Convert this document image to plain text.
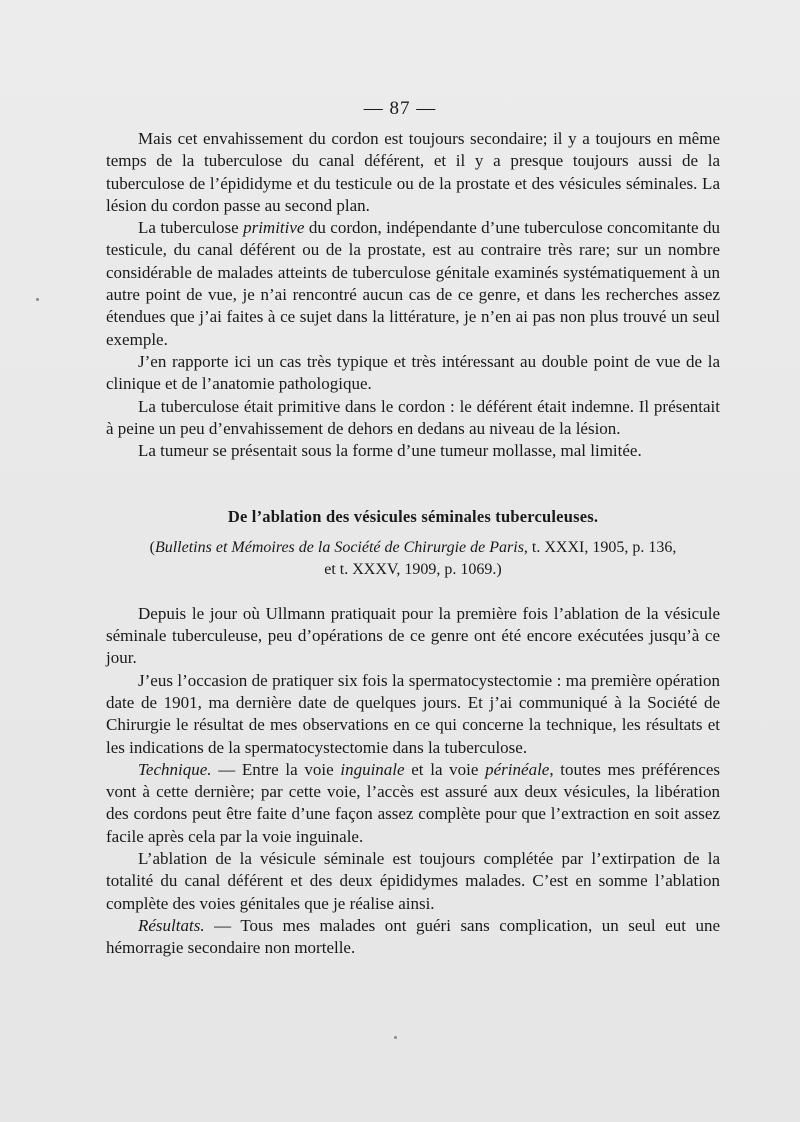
— 87 —

Mais cet envahissement du cordon est toujours secondaire; il y a toujours en même temps de la tuberculose du canal déférent, et il y a presque toujours aussi de la tuberculose de l’épididyme et du testicule ou de la prostate et des vésicules séminales. La lésion du cordon passe au second plan.

La tuberculose primitive du cordon, indépendante d’une tuberculose concomitante du testicule, du canal déférent ou de la prostate, est au contraire très rare; sur un nombre considérable de malades atteints de tuberculose génitale examinés systématiquement à un autre point de vue, je n’ai rencontré aucun cas de ce genre, et dans les recherches assez étendues que j’ai faites à ce sujet dans la littérature, je n’en ai pas non plus trouvé un seul exemple.

J’en rapporte ici un cas très typique et très intéressant au double point de vue de la clinique et de l’anatomie pathologique.

La tuberculose était primitive dans le cordon : le déférent était indemne. Il présentait à peine un peu d’envahissement de dehors en dedans au niveau de la lésion.

La tumeur se présentait sous la forme d’une tumeur mollasse, mal limitée.

De l’ablation des vésicules séminales tuberculeuses.

(Bulletins et Mémoires de la Société de Chirurgie de Paris, t. XXXI, 1905, p. 136,
et t. XXXV, 1909, p. 1069.)

Depuis le jour où Ullmann pratiquait pour la première fois l’ablation de la vésicule séminale tuberculeuse, peu d’opérations de ce genre ont été encore exécutées jusqu’à ce jour.

J’eus l’occasion de pratiquer six fois la spermatocystectomie : ma première opération date de 1901, ma dernière date de quelques jours. Et j’ai communiqué à la Société de Chirurgie le résultat de mes observations en ce qui concerne la technique, les résultats et les indications de la spermatocystectomie dans la tuberculose.

Technique. — Entre la voie inguinale et la voie périnéale, toutes mes préférences vont à cette dernière; par cette voie, l’accès est assuré aux deux vésicules, la libération des cordons peut être faite d’une façon assez complète pour que l’extraction en soit assez facile après cela par la voie inguinale.

L’ablation de la vésicule séminale est toujours complétée par l’extirpation de la totalité du canal déférent et des deux épididymes malades. C’est en somme l’ablation complète des voies génitales que je réalise ainsi.

Résultats. — Tous mes malades ont guéri sans complication, un seul eut une hémorragie secondaire non mortelle.
